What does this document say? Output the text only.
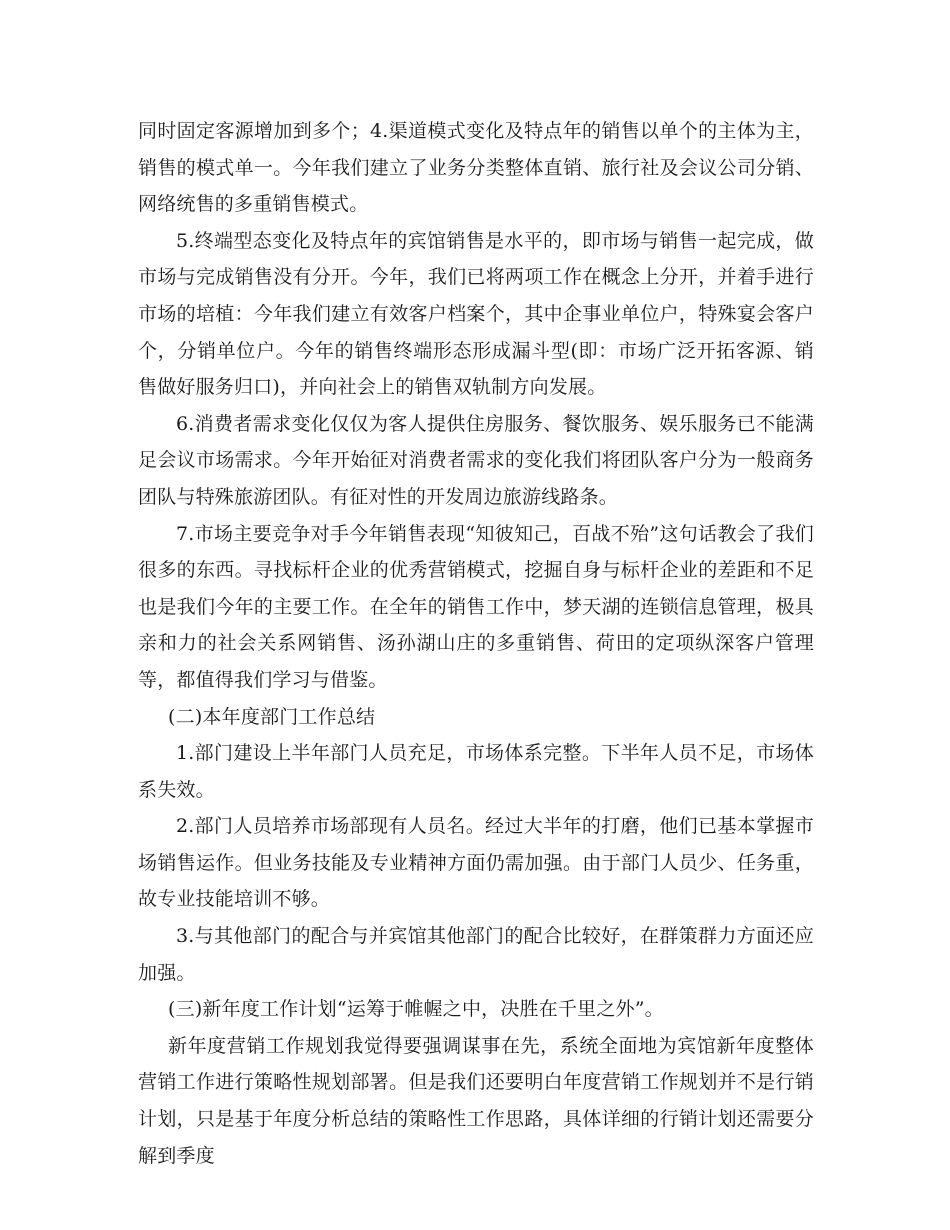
同时固定客源增加到多个；4.渠道模式变化及特点年的销售以单个的主体为主，销售的模式单一。今年我们建立了业务分类整体直销、旅行社及会议公司分销、网络统售的多重销售模式。

5.终端型态变化及特点年的宾馆销售是水平的，即市场与销售一起完成，做市场与完成销售没有分开。今年，我们已将两项工作在概念上分开，并着手进行市场的培植：今年我们建立有效客户档案个，其中企事业单位户，特殊宴会客户个，分销单位户。今年的销售终端形态形成漏斗型(即：市场广泛开拓客源、销售做好服务归口)，并向社会上的销售双轨制方向发展。

6.消费者需求变化仅仅为客人提供住房服务、餐饮服务、娱乐服务已不能满足会议市场需求。今年开始征对消费者需求的变化我们将团队客户分为一般商务团队与特殊旅游团队。有征对性的开发周边旅游线路条。

7.市场主要竞争对手今年销售表现“知彼知己，百战不殆”这句话教会了我们很多的东西。寻找标杆企业的优秀营销模式，挖掘自身与标杆企业的差距和不足也是我们今年的主要工作。在全年的销售工作中，梦天湖的连锁信息管理，极具亲和力的社会关系网销售、汤孙湖山庄的多重销售、荷田的定项纵深客户管理等，都值得我们学习与借鉴。

(二)本年度部门工作总结

1.部门建设上半年部门人员充足，市场体系完整。下半年人员不足，市场体系失效。

2.部门人员培养市场部现有人员名。经过大半年的打磨，他们已基本掌握市场销售运作。但业务技能及专业精神方面仍需加强。由于部门人员少、任务重，故专业技能培训不够。

3.与其他部门的配合与并宾馆其他部门的配合比较好，在群策群力方面还应加强。

(三)新年度工作计划“运筹于帷幄之中，决胜在千里之外”。

新年度营销工作规划我觉得要强调谋事在先，系统全面地为宾馆新年度整体营销工作进行策略性规划部署。但是我们还要明白年度营销工作规划并不是行销计划，只是基于年度分析总结的策略性工作思路，具体详细的行销计划还需要分解到季度
